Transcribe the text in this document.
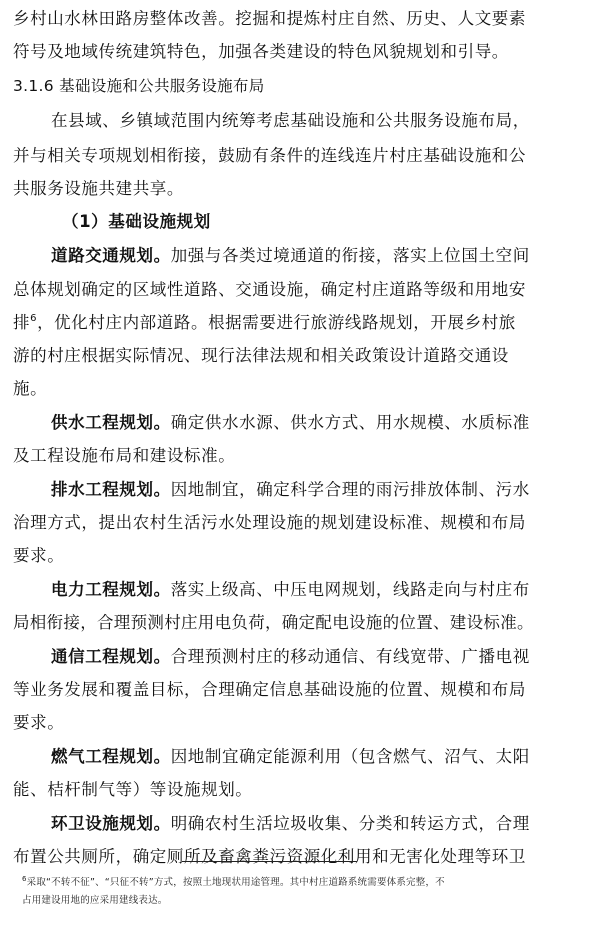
乡村山水林田路房整体改善。挖掘和提炼村庄自然、历史、人文要素
符号及地域传统建筑特色，加强各类建设的特色风貌规划和引导。
3.1.6 基础设施和公共服务设施布局
在县域、乡镇域范围内统筹考虑基础设施和公共服务设施布局，
并与相关专项规划相衔接，鼓励有条件的连线连片村庄基础设施和公
共服务设施共建共享。
（1）基础设施规划
道路交通规划。加强与各类过境通道的衔接，落实上位国土空间
总体规划确定的区域性道路、交通设施，确定村庄道路等级和用地安
排$^6$，优化村庄内部道路。根据需要进行旅游线路规划，开展乡村旅
游的村庄根据实际情况、现行法律法规和相关政策设计道路交通设
施。
供水工程规划。确定供水水源、供水方式、用水规模、水质标准
及工程设施布局和建设标准。
排水工程规划。因地制宜，确定科学合理的雨污排放体制、污水
治理方式，提出农村生活污水处理设施的规划建设标准、规模和布局
要求。
电力工程规划。落实上级高、中压电网规划，线路走向与村庄布
局相衔接，合理预测村庄用电负荷，确定配电设施的位置、建设标准。
通信工程规划。合理预测村庄的移动通信、有线宽带、广播电视
等业务发展和覆盖目标，合理确定信息基础设施的位置、规模和布局
要求。
燃气工程规划。因地制宜确定能源利用（包含燃气、沼气、太阳
能、桔杆制气等）等设施规划。
环卫设施规划。明确农村生活垃圾收集、分类和转运方式，合理
布置公共厕所，确定厕所及畜禽粪污资源化利用和无害化处理等环卫
$^6$采取“不转不征”、“只征不转”方式，按照土地现状用途管理。其中村庄道路系统需要体系完整，不
占用建设用地的应采用建线表达。
